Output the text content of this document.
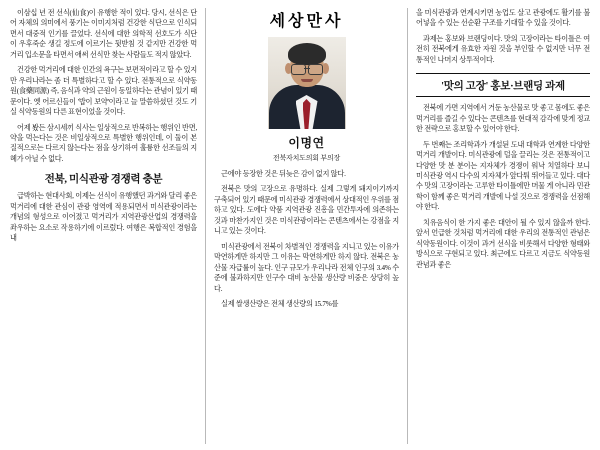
이삼십 년 전 선식(仙食)이 유행한 적이 있다. 당시, 선식은 단어 자체의 의미에서 풍기는 이미지처럼 건강한 식단으로 인식되면서 대중적 인기를 끌었다. 선식에 대한 의학적 선호도가 식단이 우후죽순 생길 정도에 이르기는 뒷받침 것 같지만 건강한 먹거리 입소문을 타면서 애써 선식만 찾는 사람들도 적지 않았다.

건강한 먹거리에 대한 인간의 욕구는 보편적이라고 할 수 있지만 우리나라는 좀 더 특별하다고 할 수 있다. 전통적으로 식약동원(食藥同源) 즉, 음식과 약의 근원이 동일하다는 관념이 있기 때문이다. 옛 어르신들이 '밥이 보약'이라고 늘 말씀하셨던 것도 기실 식약동원의 다른 표현이었을 것이다.

어제 봤든 삼시세끼 식사는 일상적으로 반복하는 행위인 반면, 약을 먹는다는 것은 비일상적으로 특별한 행위인데, 이 둘이 본질적으로는 다르지 않는다는 점을 상기하여 훌륭한 선조들의 지혜가 아닐 수 없다.

전북, 미식관광 경쟁력 충분

급박하는 현대사회, 이제는 선식이 유행했던 과거와 달리 좋은 먹거리에 대한 관심이 관광 영역에 적용되면서 미식관광이라는 개념의 형성으로 이어졌고 먹거리가 지역관광산업의 경쟁력을 좌우하는 요소로 작용하기에 이르렀다. 여행은 복합적인 경험을 내

세상만사
이명연
전북자치도의회 부의장

근에야 등장한 것은 뒤늦은 감이 없지 않다.

전북은 맛의 고장으로 유명하다. 실제 그렇게 돼지이기까지 구축되어 있기 때문에 미식관광 경쟁력에서 상대적인 우위를 점하고 있다. 도에다 약품 지역관광 진흥을 민간투자에 의존하는 것과 마찬가지인 것은 미식관광이라는 콘텐츠에서는 강점을 지니고 있는 것이다.

미식관광에서 전북이 차별적인 경쟁력을 지니고 있는 이유가 막연하게만 하지만 그 이유는 막연하게만 하지 않다. 전북은 농산물 자급률이 높다. 인구 규모가 우리나라 전체 인구의 3.4% 수준에 불과하지만 인구수 대비 농산물 생산량 비중은 상당히 높다.

실제 쌀생산량은 전체 생산량의 15.7%를

을 미식관광과 연계시키면 농업도 살고 관광에도 활기를 불어넣을 수 있는 선순환 구조를 기대할 수 있을 것이다.

과제는 홍보와 브랜딩이다. 맛의 고장이라는 타이틀은 여전히 전북에게 유효한 자원 것을 부인할 수 없지만 너무 전통적인 나머지 상투적이다.

'맛의 고장' 홍보·브랜딩 과제

전북에 가면 지역에서 거둔 농산물로 맛 좋고 몸에도 좋은 먹거리를 즐길 수 있다는 콘텐츠를 현대적 감각에 맞게 정교한 전략으로 홍보할 수 있어야 한다.

두 번째는 조리학과가 개설된 도내 대학과 연계한 다양한 먹거리 개발이다. 미식관광에 덜을 끌리는 것은 전통적이고 다양한 맛 분 분이는 지자체가 경쟁이 워낙 치열하다 보니 미식관광 역시 다수의 지자체가 앞다퉈 뛰어들고 있다. 대다수 맛의 고장이라는 고루한 타이틀에만 머물 게 아니라 민관학이 함께 좋은 먹거리 개발에 나설 것으로 경쟁력을 선점해야 한다.

치유음식이 한 가지 좋은 대안이 될 수 있지 않을까 한다. 앞서 언급한 것처럼 먹거리에 대한 우리의 전통적인 관념은 식약동원이다. 이것이 과거 선식을 비롯해서 다양한 형태와 방식으로 구현되고 있다. 최근에도 다르고 지금도 식약동원 관념과 좋은
